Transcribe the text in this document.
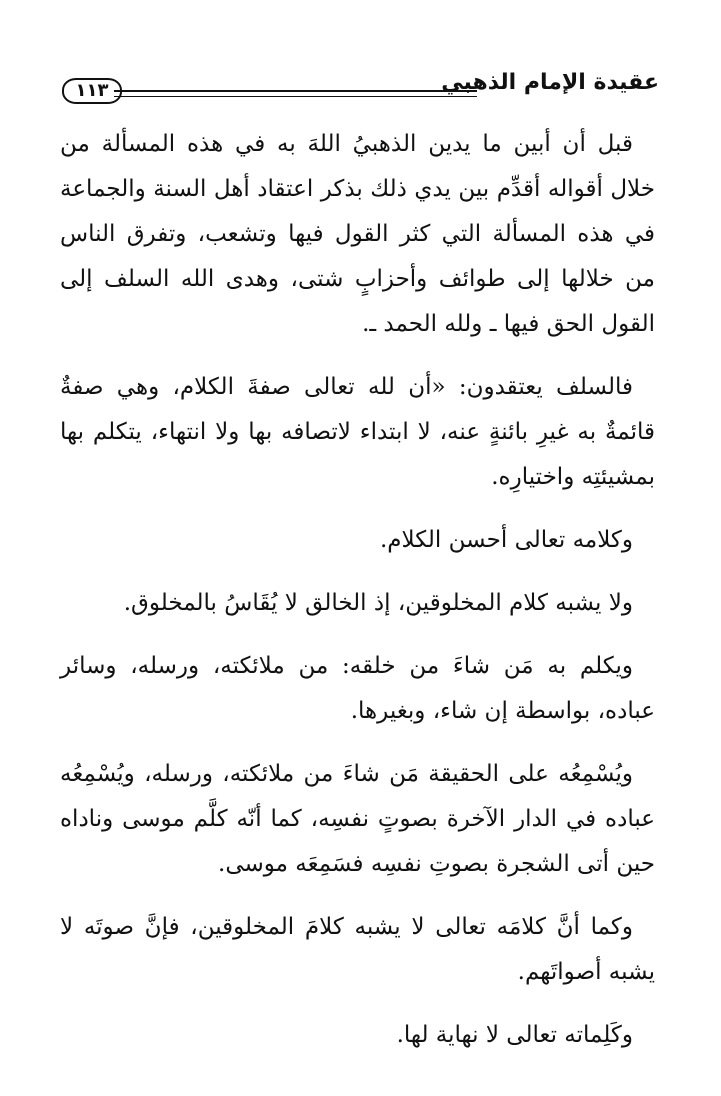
عقيدة الإمام الذهبي
١١٣

قبل أن أبين ما يدين الذهبيُ اللهَ به في هذه المسألة من خلال أقواله أقدِّم بين يدي ذلك بذكر اعتقاد أهل السنة والجماعة في هذه المسألة التي كثر القول فيها وتشعب، وتفرق الناس من خلالها إلى طوائف وأحزابٍ شتى، وهدى الله السلف إلى القول الحق فيها ـ ولله الحمد ـ.

فالسلف يعتقدون: «أن لله تعالى صفةَ الكلام، وهي صفةٌ قائمةٌ به غيرِ بائنةٍ عنه، لا ابتداء لاتصافه بها ولا انتهاء، يتكلم بها بمشيئتِه واختيارِه.

وكلامه تعالى أحسن الكلام.

ولا يشبه كلام المخلوقين، إذ الخالق لا يُقَاسُ بالمخلوق.

ويكلم به مَن شاءَ من خلقه: من ملائكته، ورسله، وسائر عباده، بواسطة إن شاء، وبغيرها.

ويُسْمِعُه على الحقيقة مَن شاءَ من ملائكته، ورسله، ويُسْمِعُه عباده في الدار الآخرة بصوتٍ نفسِه، كما أنّه كلَّم موسى وناداه حين أتى الشجرة بصوتِ نفسِه فسَمِعَه موسى.

وكما أنَّ كلامَه تعالى لا يشبه كلامَ المخلوقين، فإنَّ صوتَه لا يشبه أصواتَهم.

وكَلِماته تعالى لا نهاية لها.
